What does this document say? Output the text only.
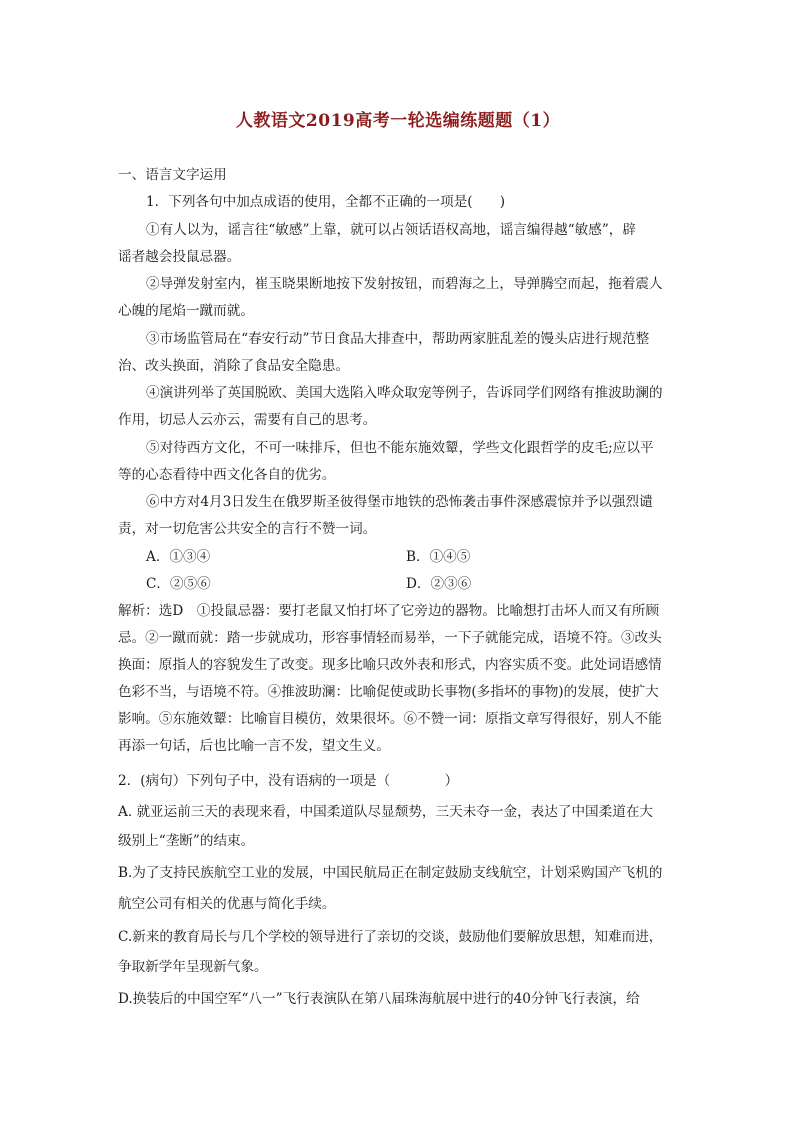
人教语文2019高考一轮选编练题题（1）
一、语言文字运用
1．下列各句中加点成语的使用，全都不正确的一项是(　　)
①有人以为，谣言往“敏感”上靠，就可以占领话语权高地，谣言编得越“敏感”，辟
谣者越会投鼠忌器。
②导弹发射室内，崔玉晓果断地按下发射按钮，而碧海之上，导弹腾空而起，拖着震人
心魄的尾焰一蹴而就。
③市场监管局在“春安行动”节日食品大排查中，帮助两家脏乱差的馒头店进行规范整
治、改头换面，消除了食品安全隐患。
④演讲列举了英国脱欧、美国大选陷入哗众取宠等例子，告诉同学们网络有推波助澜的
作用，切忌人云亦云，需要有自己的思考。
⑤对待西方文化，不可一味排斥，但也不能东施效颦，学些文化跟哲学的皮毛;应以平
等的心态看待中西文化各自的优劣。
⑥中方对4月3日发生在俄罗斯圣彼得堡市地铁的恐怖袭击事件深感震惊并予以强烈谴
责，对一切危害公共安全的言行不赞一词。
A．①③④	B．①④⑤
C．②⑤⑥	D．②③⑥
解析：选D　①投鼠忌器：要打老鼠又怕打坏了它旁边的器物。比喻想打击坏人而又有所顾
忌。②一蹴而就：踏一步就成功，形容事情轻而易举，一下子就能完成，语境不符。③改头
换面：原指人的容貌发生了改变。现多比喻只改外表和形式，内容实质不变。此处词语感情
色彩不当，与语境不符。④推波助澜：比喻促使或助长事物(多指坏的事物)的发展，使扩大
影响。⑤东施效颦：比喻盲目模仿，效果很坏。⑥不赞一词：原指文章写得很好，别人不能
再添一句话，后也比喻一言不发，望文生义。
2．(病句）下列句子中，没有语病的一项是（　　　　）
A. 就亚运前三天的表现来看，中国柔道队尽显颓势，三天未夺一金，表达了中国柔道在大
级别上“垄断”的结束。
B.为了支持民族航空工业的发展，中国民航局正在制定鼓励支线航空，计划采购国产飞机的
航空公司有相关的优惠与简化手续。
C.新来的教育局长与几个学校的领导进行了亲切的交谈，鼓励他们要解放思想，知难而进，
争取新学年呈现新气象。
D.换装后的中国空军“八一”飞行表演队在第八届珠海航展中进行的40分钟飞行表演，给
